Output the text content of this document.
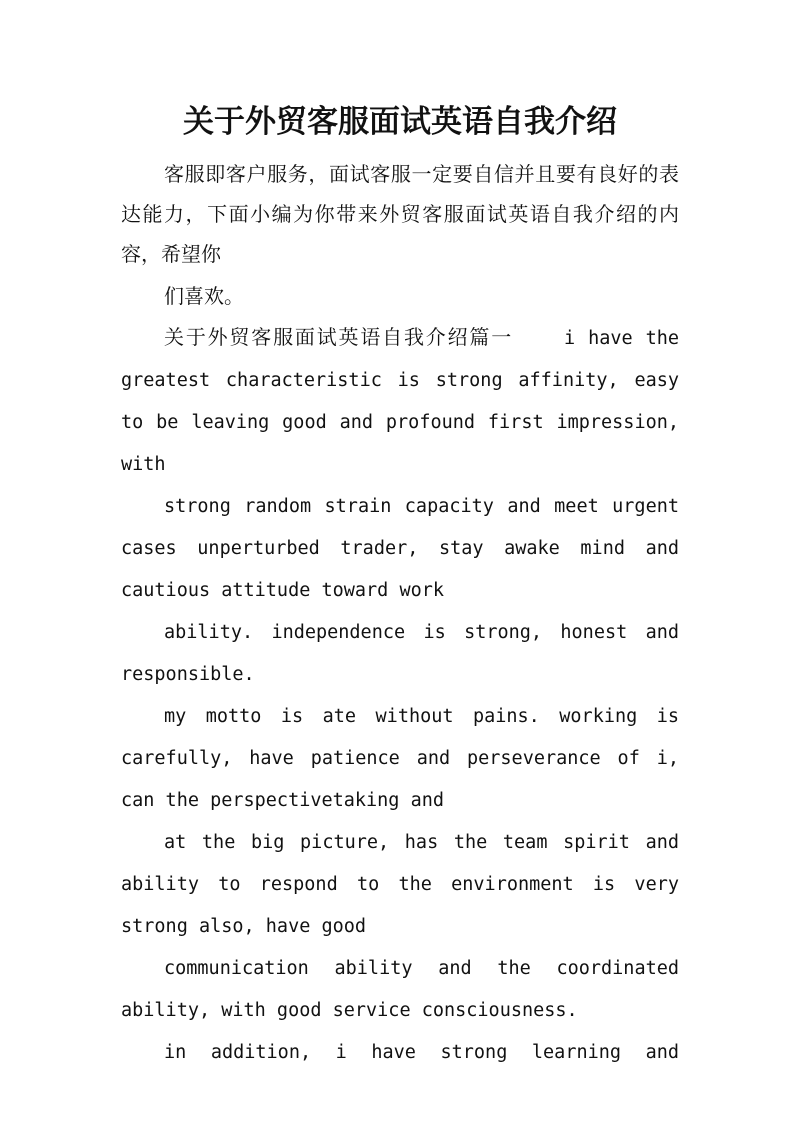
关于外贸客服面试英语自我介绍

客服即客户服务，面试客服一定要自信并且要有良好的表达能力，下面小编为你带来外贸客服面试英语自我介绍的内容，希望你

们喜欢。

关于外贸客服面试英语自我介绍篇一	i have the greatest characteristic is strong affinity, easy to be leaving good and profound first impression, with

strong random strain capacity and meet urgent cases unperturbed trader, stay awake mind and cautious attitude toward work

ability. independence is strong, honest and responsible.

my motto is ate without pains. working is carefully, have patience and perseverance of i, can the perspectivetaking and

at the big picture, has the team spirit and ability to respond to the environment is very strong also, have good

communication ability and the coordinated ability, with good service consciousness.

in addition, i have strong learning and
